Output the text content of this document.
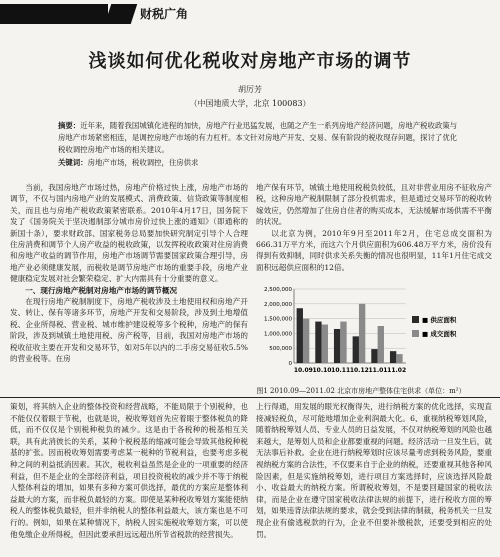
财税广角
浅谈如何优化税收对房地产市场的调节
胡厉芳
（中国地质大学，北京 100083）
摘要：近年来，随着我国城镇化进程的加快，房地产行业迅猛发展，也随之产生一系列房地产经济问题，房地产税收政策与房地产市场紧密相连，是调控房地产市场的有力杠杆。本文针对房地产开发、交易、保有阶段的税收现存问题，探讨了优化税收调控房地产市场的相关建议。
关键词：房地产市场，税收调控，住房供求
当前，我国房地产市场过热，房地产价格过快上涨，房地产市场的调节，不仅与国内房地产业的发展模式、消费政策、信贷政策等制度相关，而且也与房地产税收政策紧密联系。2010年4月17日，国务院下发了《国务院关于坚决遏制部分城市房价过快上涨的通知》（即通称的新国十条），要求财政部、国家税务总局要加快研究制定引导个人合理住房消费和调节个人房产收益的税收政策，以发挥税收政策对住房消费和房地产收益的调节作用，房地产市场调节需要国家政策合理引导，房地产业必须健康发展，而税收是调节房地产市场的重要手段，房地产业健康稳定发展对社会繁荣稳定、扩大内需具有十分重要的意义。
一、现行房地产税制对房地产市场的调节概况
在现行房地产税制制度下，房地产税收涉及土地使用权和房地产开发、转让、保有等诸多环节，房地产开发和交易阶段，涉及到土地增值税、企业所得税、营业税、城市维护建设税等多个税种，房地产的保有阶段，涉及到城镇土地使用税、房产税等，目前，我国对房地产市场的税收征收主要在开发和交易环节，如对5年以内的二手房交易征收5.5%的营业税等。在房
地产保有环节，城镇土地使用税税负较低，且对非营业用房不征收房产税，这种房地产税制限制了部分投机需求，但是通过交易环节的税收转嫁效应，仍然增加了住房自住者的购买成本，无法缓解市场供需不平衡的状况。
以北京为例，2010年9月至2011年2月，住宅总成交面积为666.31万平方米，而这六个月供应面积为606.48万平方米，房价没有得到有效抑制，同时供求关系失衡的情况也很明显，11年1月住宅成交面积远超供应面积的12倍。
2,500,000
2,000,000
1,500,000
1,000,000
500,000
0
10.09 10.10 10.11 10.12 11.01 11.02
■ 供应面积
■ 成交面积
图1 2010.09—2011.02 北京市房地产整体住宅供求（单位：m²）
策划，将其纳入企业的整体投资和经营战略，不能局限于个别税种，也不能仅仅着眼于节税，也就是说，税收筹划首先应着眼于整体税负的降低，而不仅仅是个别税种税负的减少。这是由于各税种的税基相互关联，具有此消彼长的关系，某种个税税基的缩减可能会导致其他税种税基的扩张。因而税收筹划需要考虑某一税种的节税利益，也要考虑多税种之间的利益抵消因素。其次，税收利益虽然是企业的一项重要的经济利益，但不是企业的全部经济利益，项目投资税收的减少并不等于纳税人整体利益的增加，如果有多种方案可供选择，最优的方案应是整体利益最大的方案，而非税负最轻的方案。即使是某种税收筹划方案能使纳税人的整体税负最轻，但并非纳税人的整体利益最大，该方案也是不可行的。例如，如果在某种情况下，纳税人因实施税收筹划方案，可以使他免缴企业所得税，但因此要承担远远超出所节省税款的经营损失。
上行得通，用发展的眼光权衡得失，进行纳税方案的优化选择，实现直接减轻税负，尽可能地增加企业利润最大化。6、重视纳税筹划风险，随着纳税筹划人员、专业人员的日益发展，不仅对纳税筹划的风险也越来越大，是筹划人员和企业都要重视的问题。经济活动一旦发生后，就无法事后补救。企业在进行纳税筹划时应该尽量考虑到税务风险，要重视纳税方案的合法性，不仅要来自于企业的纳税，还要重视其他各种风险因素，但是实施纳税筹划，进行项目方案选择时，应该选择风险最小、收益最大的纳税方案。所谓税收筹划，不是要回避国家的税收法律，而是企业在遵守国家税收法律法规的前提下，进行税收方面的筹划，如果违背法律法规的要求，就会受到法律的制裁，税务机关一旦发现企业有偷逃税款的行为，企业不但要补缴税款，还要受到相应的处罚。
